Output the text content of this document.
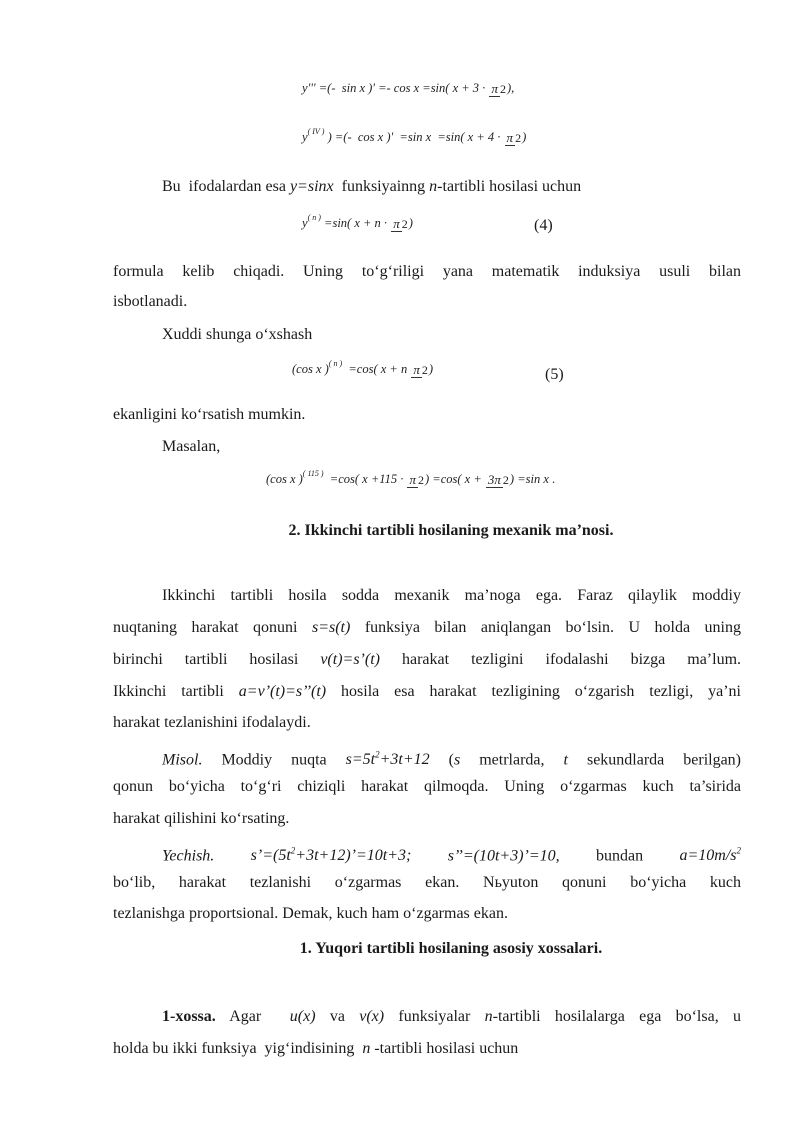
y''' =(-  sin x )' =- cos x =sin( x + 3 · π 2),
y( IV ) ) =(-  cos x )'  =sin x  =sin( x + 4 · π 2)
Bu  ifodalardan esa y=sinx  funksiyainng n-tartibli hosilasi uchun
y( n ) =sin( x + n · π 2)	(4)
formula kelib chiqadi. Uning to‘g‘riligi yana matematik induksiya usuli bilan
isbotlanadi.
Xuddi shunga o‘xshash
(cos x )( n )  =cos( x + n π 2)	(5)
ekanligini ko‘rsatish mumkin.
Masalan,
(cos x )( 115 )  =cos( x +115 · π 2) =cos( x + 3π 2) =sin x .
2. Ikkinchi tartibli hosilaning mexanik ma’nosi.
Ikkinchi tartibli hosila sodda mexanik ma’noga ega. Faraz qilaylik moddiy
nuqtaning harakat qonuni s=s(t) funksiya bilan aniqlangan bo‘lsin. U holda uning
birinchi tartibli hosilasi v(t)=s’(t) harakat tezligini ifodalashi bizga ma’lum.
Ikkinchi tartibli a=v’(t)=s’’(t) hosila esa harakat tezligining o‘zgarish tezligi, ya’ni
harakat tezlanishini ifodalaydi.
Misol. Moddiy nuqta $s=5t^2+3t+12$ (s metrlarda, t sekundlarda berilgan)
qonun bo‘yicha to‘g‘ri chiziqli harakat qilmoqda. Uning o‘zgarmas kuch ta’sirida
harakat qilishini ko‘rsating.
Yechish. $s’=(5t^2+3t+12)’=10t+3$; s’’=(10t+3)’=10,   bundan   $a=10m/s^2$
bo‘lib, harakat tezlanishi o‘zgarmas ekan. Nьyuton qonuni bo‘yicha kuch
tezlanishga proportsional. Demak, kuch ham o‘zgarmas ekan.
1. Yuqori tartibli hosilaning asosiy xossalari.
1-xossa. Agar  u(x) va v(x) funksiyalar n-tartibli hosilalarga ega bo‘lsa, u
holda bu ikki funksiya  yig‘indisining  n -tartibli hosilasi uchun
